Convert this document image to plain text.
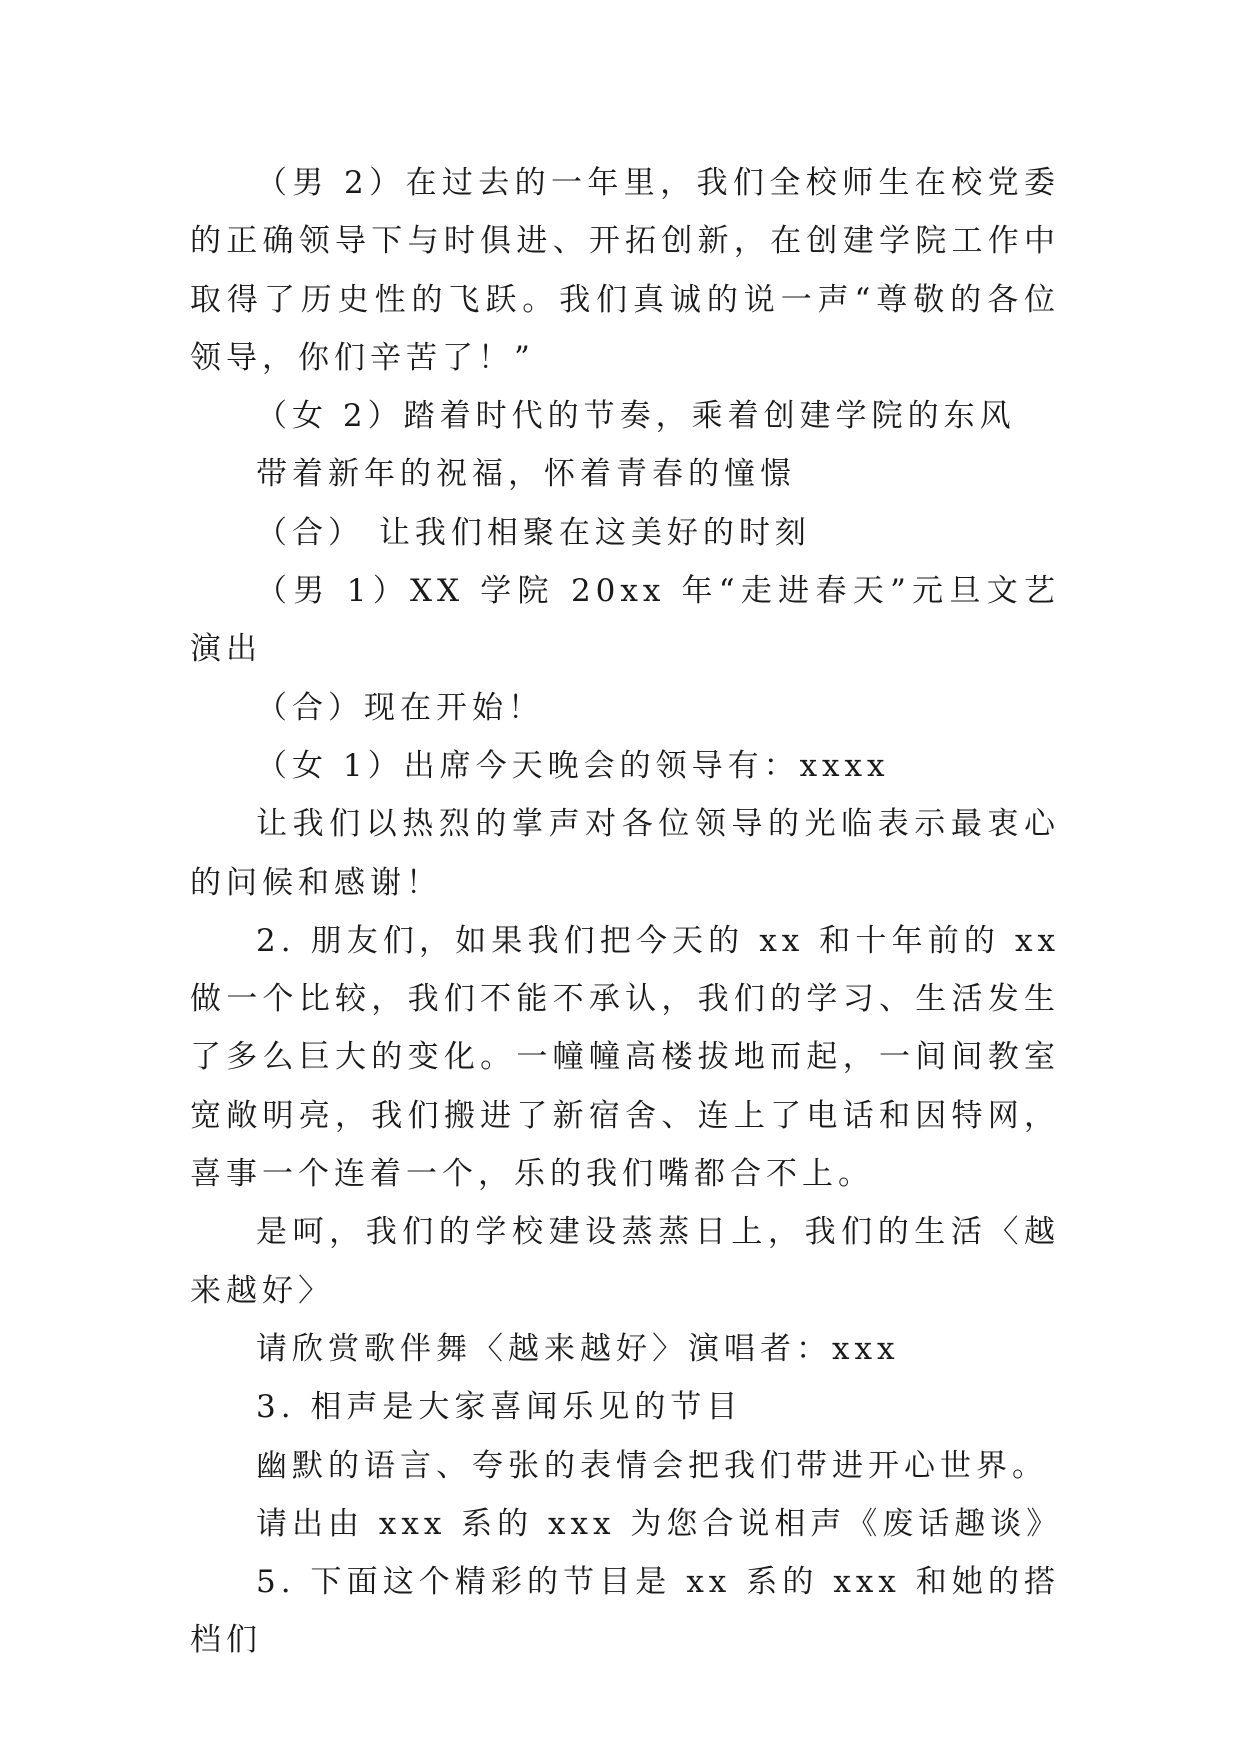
（男 2）在过去的一年里，我们全校师生在校党委的正确领导下与时俱进、开拓创新，在创建学院工作中取得了历史性的飞跃。我们真诚的说一声“尊敬的各位领导，你们辛苦了！”

（女 2）踏着时代的节奏，乘着创建学院的东风

带着新年的祝福，怀着青春的憧憬

（合） 让我们相聚在这美好的时刻

（男 1）XX 学院 20xx 年“走进春天”元旦文艺演出

（合）现在开始！

（女 1）出席今天晚会的领导有：xxxx

让我们以热烈的掌声对各位领导的光临表示最衷心的问候和感谢！

2. 朋友们，如果我们把今天的 xx 和十年前的 xx 做一个比较，我们不能不承认，我们的学习、生活发生了多么巨大的变化。一幢幢高楼拔地而起，一间间教室宽敞明亮，我们搬进了新宿舍、连上了电话和因特网，喜事一个连着一个，乐的我们嘴都合不上。

是呵，我们的学校建设蒸蒸日上，我们的生活〈越来越好〉

请欣赏歌伴舞〈越来越好〉演唱者：xxx

3. 相声是大家喜闻乐见的节目

幽默的语言、夸张的表情会把我们带进开心世界。

请出由 xxx 系的 xxx 为您合说相声《废话趣谈》

5. 下面这个精彩的节目是 xx 系的 xxx 和她的搭档们
